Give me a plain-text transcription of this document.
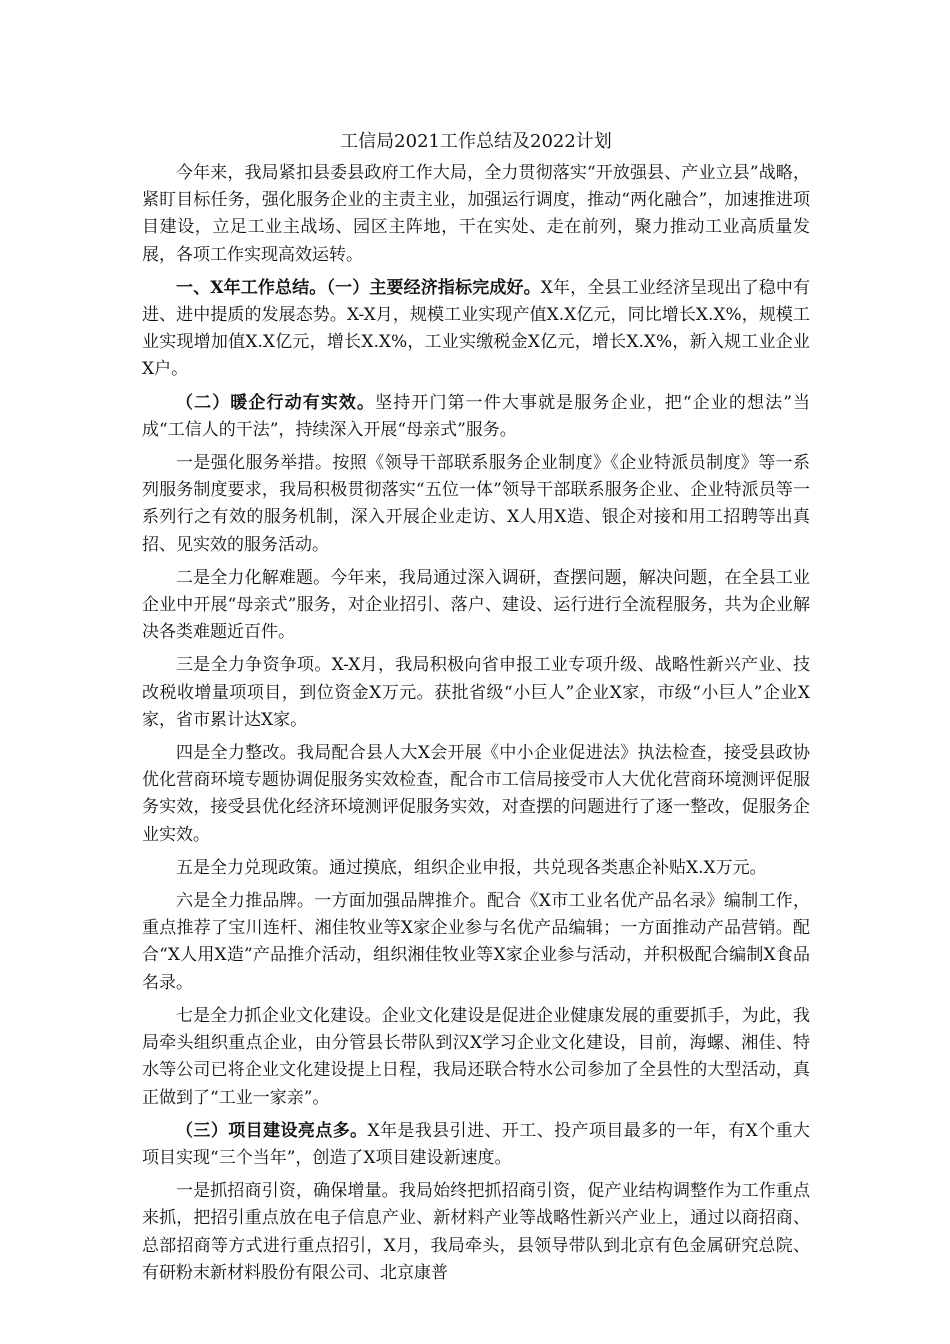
工信局2021工作总结及2022计划

今年来，我局紧扣县委县政府工作大局，全力贯彻落实“开放强县、产业立县”战略，紧盯目标任务，强化服务企业的主责主业，加强运行调度，推动“两化融合”，加速推进项目建设，立足工业主战场、园区主阵地，干在实处、走在前列，聚力推动工业高质量发展，各项工作实现高效运转。

一、X年工作总结。（一）主要经济指标完成好。X年，全县工业经济呈现出了稳中有进、进中提质的发展态势。X-X月，规模工业实现产值X.X亿元，同比增长X.X%，规模工业实现增加值X.X亿元，增长X.X%，工业实缴税金X亿元，增长X.X%，新入规工业企业X户。

（二）暖企行动有实效。坚持开门第一件大事就是服务企业，把“企业的想法”当成“工信人的干法”，持续深入开展“母亲式”服务。

一是强化服务举措。按照《领导干部联系服务企业制度》《企业特派员制度》等一系列服务制度要求，我局积极贯彻落实“五位一体”领导干部联系服务企业、企业特派员等一系列行之有效的服务机制，深入开展企业走访、X人用X造、银企对接和用工招聘等出真招、见实效的服务活动。

二是全力化解难题。今年来，我局通过深入调研，查摆问题，解决问题，在全县工业企业中开展“母亲式”服务，对企业招引、落户、建设、运行进行全流程服务，共为企业解决各类难题近百件。

三是全力争资争项。X-X月，我局积极向省申报工业专项升级、战略性新兴产业、技改税收增量项项目，到位资金X万元。获批省级“小巨人”企业X家，市级“小巨人”企业X家，省市累计达X家。

四是全力整改。我局配合县人大X会开展《中小企业促进法》执法检查，接受县政协优化营商环境专题协调促服务实效检查，配合市工信局接受市人大优化营商环境测评促服务实效，接受县优化经济环境测评促服务实效，对查摆的问题进行了逐一整改，促服务企业实效。

五是全力兑现政策。通过摸底，组织企业申报，共兑现各类惠企补贴X.X万元。

六是全力推品牌。一方面加强品牌推介。配合《X市工业名优产品名录》编制工作，重点推荐了宝川连杆、湘佳牧业等X家企业参与名优产品编辑；一方面推动产品营销。配合“X人用X造”产品推介活动，组织湘佳牧业等X家企业参与活动，并积极配合编制X食品名录。

七是全力抓企业文化建设。企业文化建设是促进企业健康发展的重要抓手，为此，我局牵头组织重点企业，由分管县长带队到汉X学习企业文化建设，目前，海螺、湘佳、特水等公司已将企业文化建设提上日程，我局还联合特水公司参加了全县性的大型活动，真正做到了“工业一家亲”。

（三）项目建设亮点多。X年是我县引进、开工、投产项目最多的一年，有X个重大项目实现“三个当年”，创造了X项目建设新速度。

一是抓招商引资，确保增量。我局始终把抓招商引资，促产业结构调整作为工作重点来抓，把招引重点放在电子信息产业、新材料产业等战略性新兴产业上，通过以商招商、总部招商等方式进行重点招引，X月，我局牵头，县领导带队到北京有色金属研究总院、有研粉末新材料股份有限公司、北京康普
